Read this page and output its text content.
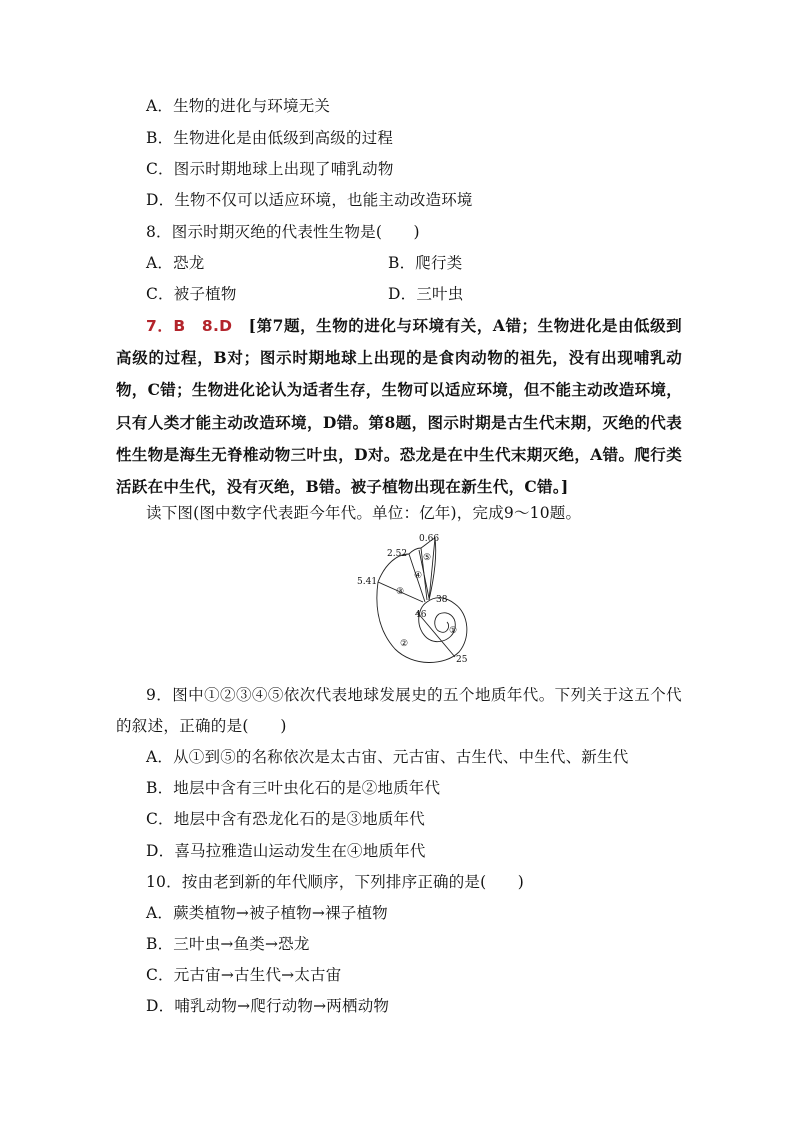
A．生物的进化与环境无关
B．生物进化是由低级到高级的过程
C．图示时期地球上出现了哺乳动物
D．生物不仅可以适应环境，也能主动改造环境
8．图示时期灭绝的代表性生物是(　　)
A．恐龙	B．爬行类
C．被子植物	D．三叶虫
7．B　8.D　[第7题，生物的进化与环境有关，A错；生物进化是由低级到高级的过程，B对；图示时期地球上出现的是食肉动物的祖先，没有出现哺乳动物，C错；生物进化论认为适者生存，生物可以适应环境，但不能主动改造环境，只有人类才能主动改造环境，D错。第8题，图示时期是古生代末期，灭绝的代表性生物是海生无脊椎动物三叶虫，D对。恐龙是在中生代末期灭绝，A错。爬行类活跃在中生代，没有灭绝，B错。被子植物出现在新生代，C错。]
读下图(图中数字代表距今年代。单位：亿年)，完成9～10题。
0.66
2.52
5.41
46
38
25
①
②
③
④
⑤
9．图中①②③④⑤依次代表地球发展史的五个地质年代。下列关于这五个代的叙述，正确的是(　　)
A．从①到⑤的名称依次是太古宙、元古宙、古生代、中生代、新生代
B．地层中含有三叶虫化石的是②地质年代
C．地层中含有恐龙化石的是③地质年代
D．喜马拉雅造山运动发生在④地质年代
10．按由老到新的年代顺序，下列排序正确的是(　　)
A．蕨类植物→被子植物→裸子植物
B．三叶虫→鱼类→恐龙
C．元古宙→古生代→太古宙
D．哺乳动物→爬行动物→两栖动物
